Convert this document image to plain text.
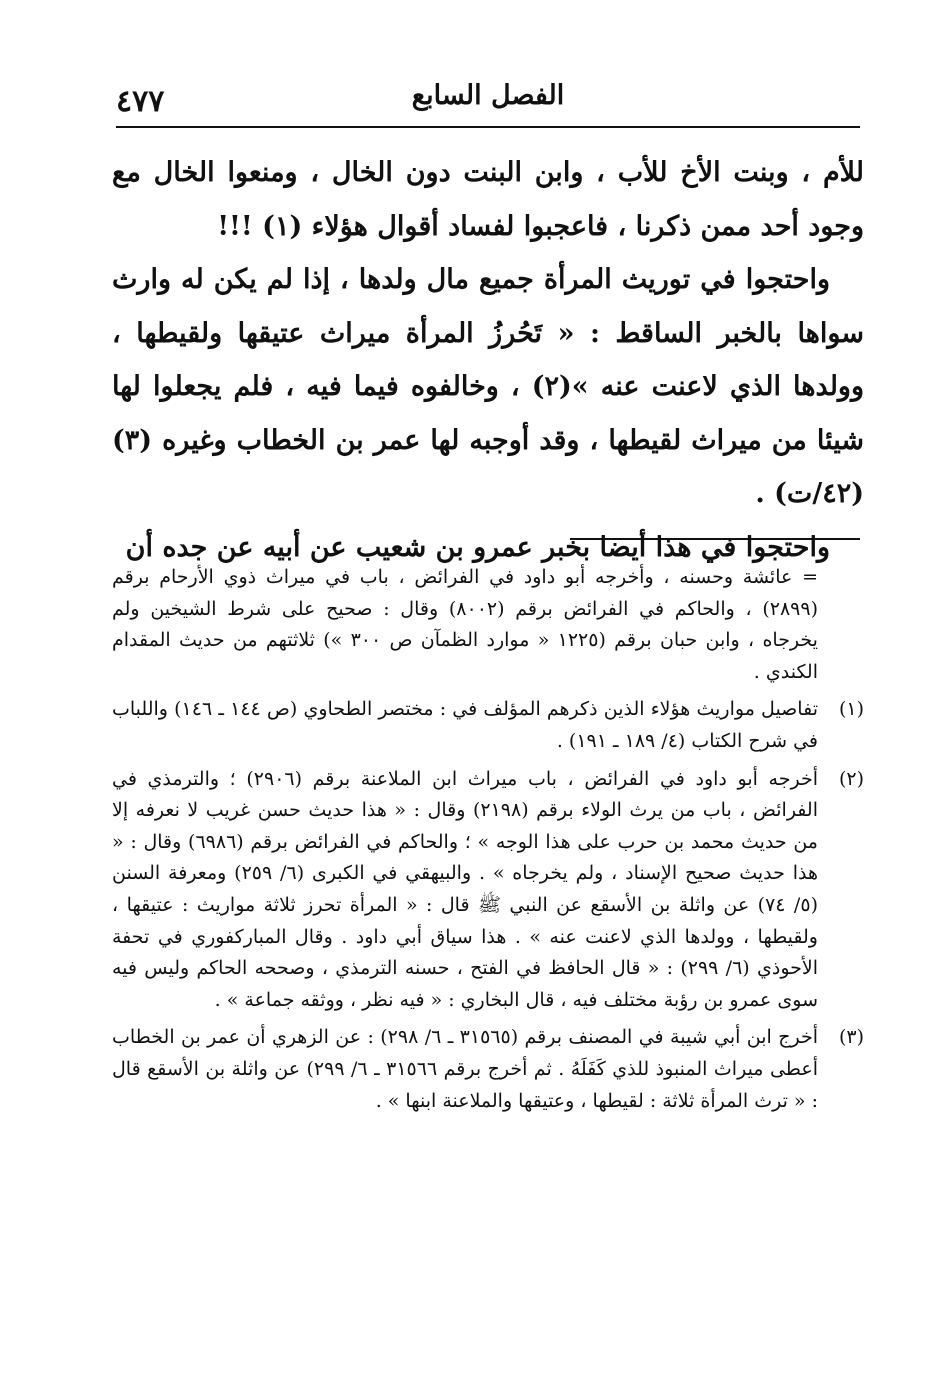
٤٧٧	الفصل السابع

للأم ، وبنت الأخ للأب ، وابن البنت دون الخال ، ومنعوا الخال مع وجود أحد ممن ذكرنا ، فاعجبوا لفساد أقوال هؤلاء (١) !!!

واحتجوا في توريث المرأة جميع مال ولدها ، إذا لم يكن له وارث سواها بالخبر الساقط : « تَحُرزُ المرأة ميراث عتيقها ولقيطها ، وولدها الذي لاعنت عنه »(٢) ، وخالفوه فيما فيه ، فلم يجعلوا لها شيئا من ميراث لقيطها ، وقد أوجبه لها عمر بن الخطاب وغيره (٣) (٤٢/ت) .

واحتجوا في هذا أيضا بخبر عمرو بن شعيب عن أبيه عن جده أن

= عائشة وحسنه ، وأخرجه أبو داود في الفرائض ، باب في ميراث ذوي الأرحام برقم (٢٨٩٩) ، والحاكم في الفرائض برقم (٨٠٠٢) وقال : صحيح على شرط الشيخين ولم يخرجاه ، وابن حبان برقم (١٢٢٥ « موارد الظمآن ص ٣٠٠ ») ثلاثتهم من حديث المقدام الكندي .
(١)
تفاصيل مواريث هؤلاء الذين ذكرهم المؤلف في : مختصر الطحاوي (ص ١٤٤ ـ ١٤٦) واللباب في شرح الكتاب (٤/ ١٨٩ ـ ١٩١) .
(٢)
أخرجه أبو داود في الفرائض ، باب ميراث ابن الملاعنة برقم (٢٩٠٦) ؛ والترمذي في الفرائض ، باب من يرث الولاء برقم (٢١٩٨) وقال : « هذا حديث حسن غريب لا نعرفه إلا من حديث محمد بن حرب على هذا الوجه » ؛ والحاكم في الفرائض برقم (٦٩٨٦) وقال : « هذا حديث صحيح الإسناد ، ولم يخرجاه » . والبيهقي في الكبرى (٦/ ٢٥٩) ومعرفة السنن (٥/ ٧٤) عن واثلة بن الأسقع عن النبي ﷺ قال : « المرأة تحرز ثلاثة مواريث : عتيقها ، ولقيطها ، وولدها الذي لاعنت عنه » . هذا سياق أبي داود . وقال المباركفوري في تحفة الأحوذي (٦/ ٢٩٩) : « قال الحافظ في الفتح ، حسنه الترمذي ، وصححه الحاكم وليس فيه سوى عمرو بن رؤبة مختلف فيه ، قال البخاري : « فيه نظر ، ووثقه جماعة » .
(٣)
أخرج ابن أبي شيبة في المصنف برقم (٣١٥٦٥ ـ ٦/ ٢٩٨) : عن الزهري أن عمر بن الخطاب أعطى ميراث المنبوذ للذي كَفَلَهُ . ثم أخرج برقم ٣١٥٦٦ ـ ٦/ ٢٩٩) عن واثلة بن الأسقع قال : « ترث المرأة ثلاثة : لقيطها ، وعتيقها والملاعنة ابنها » .
